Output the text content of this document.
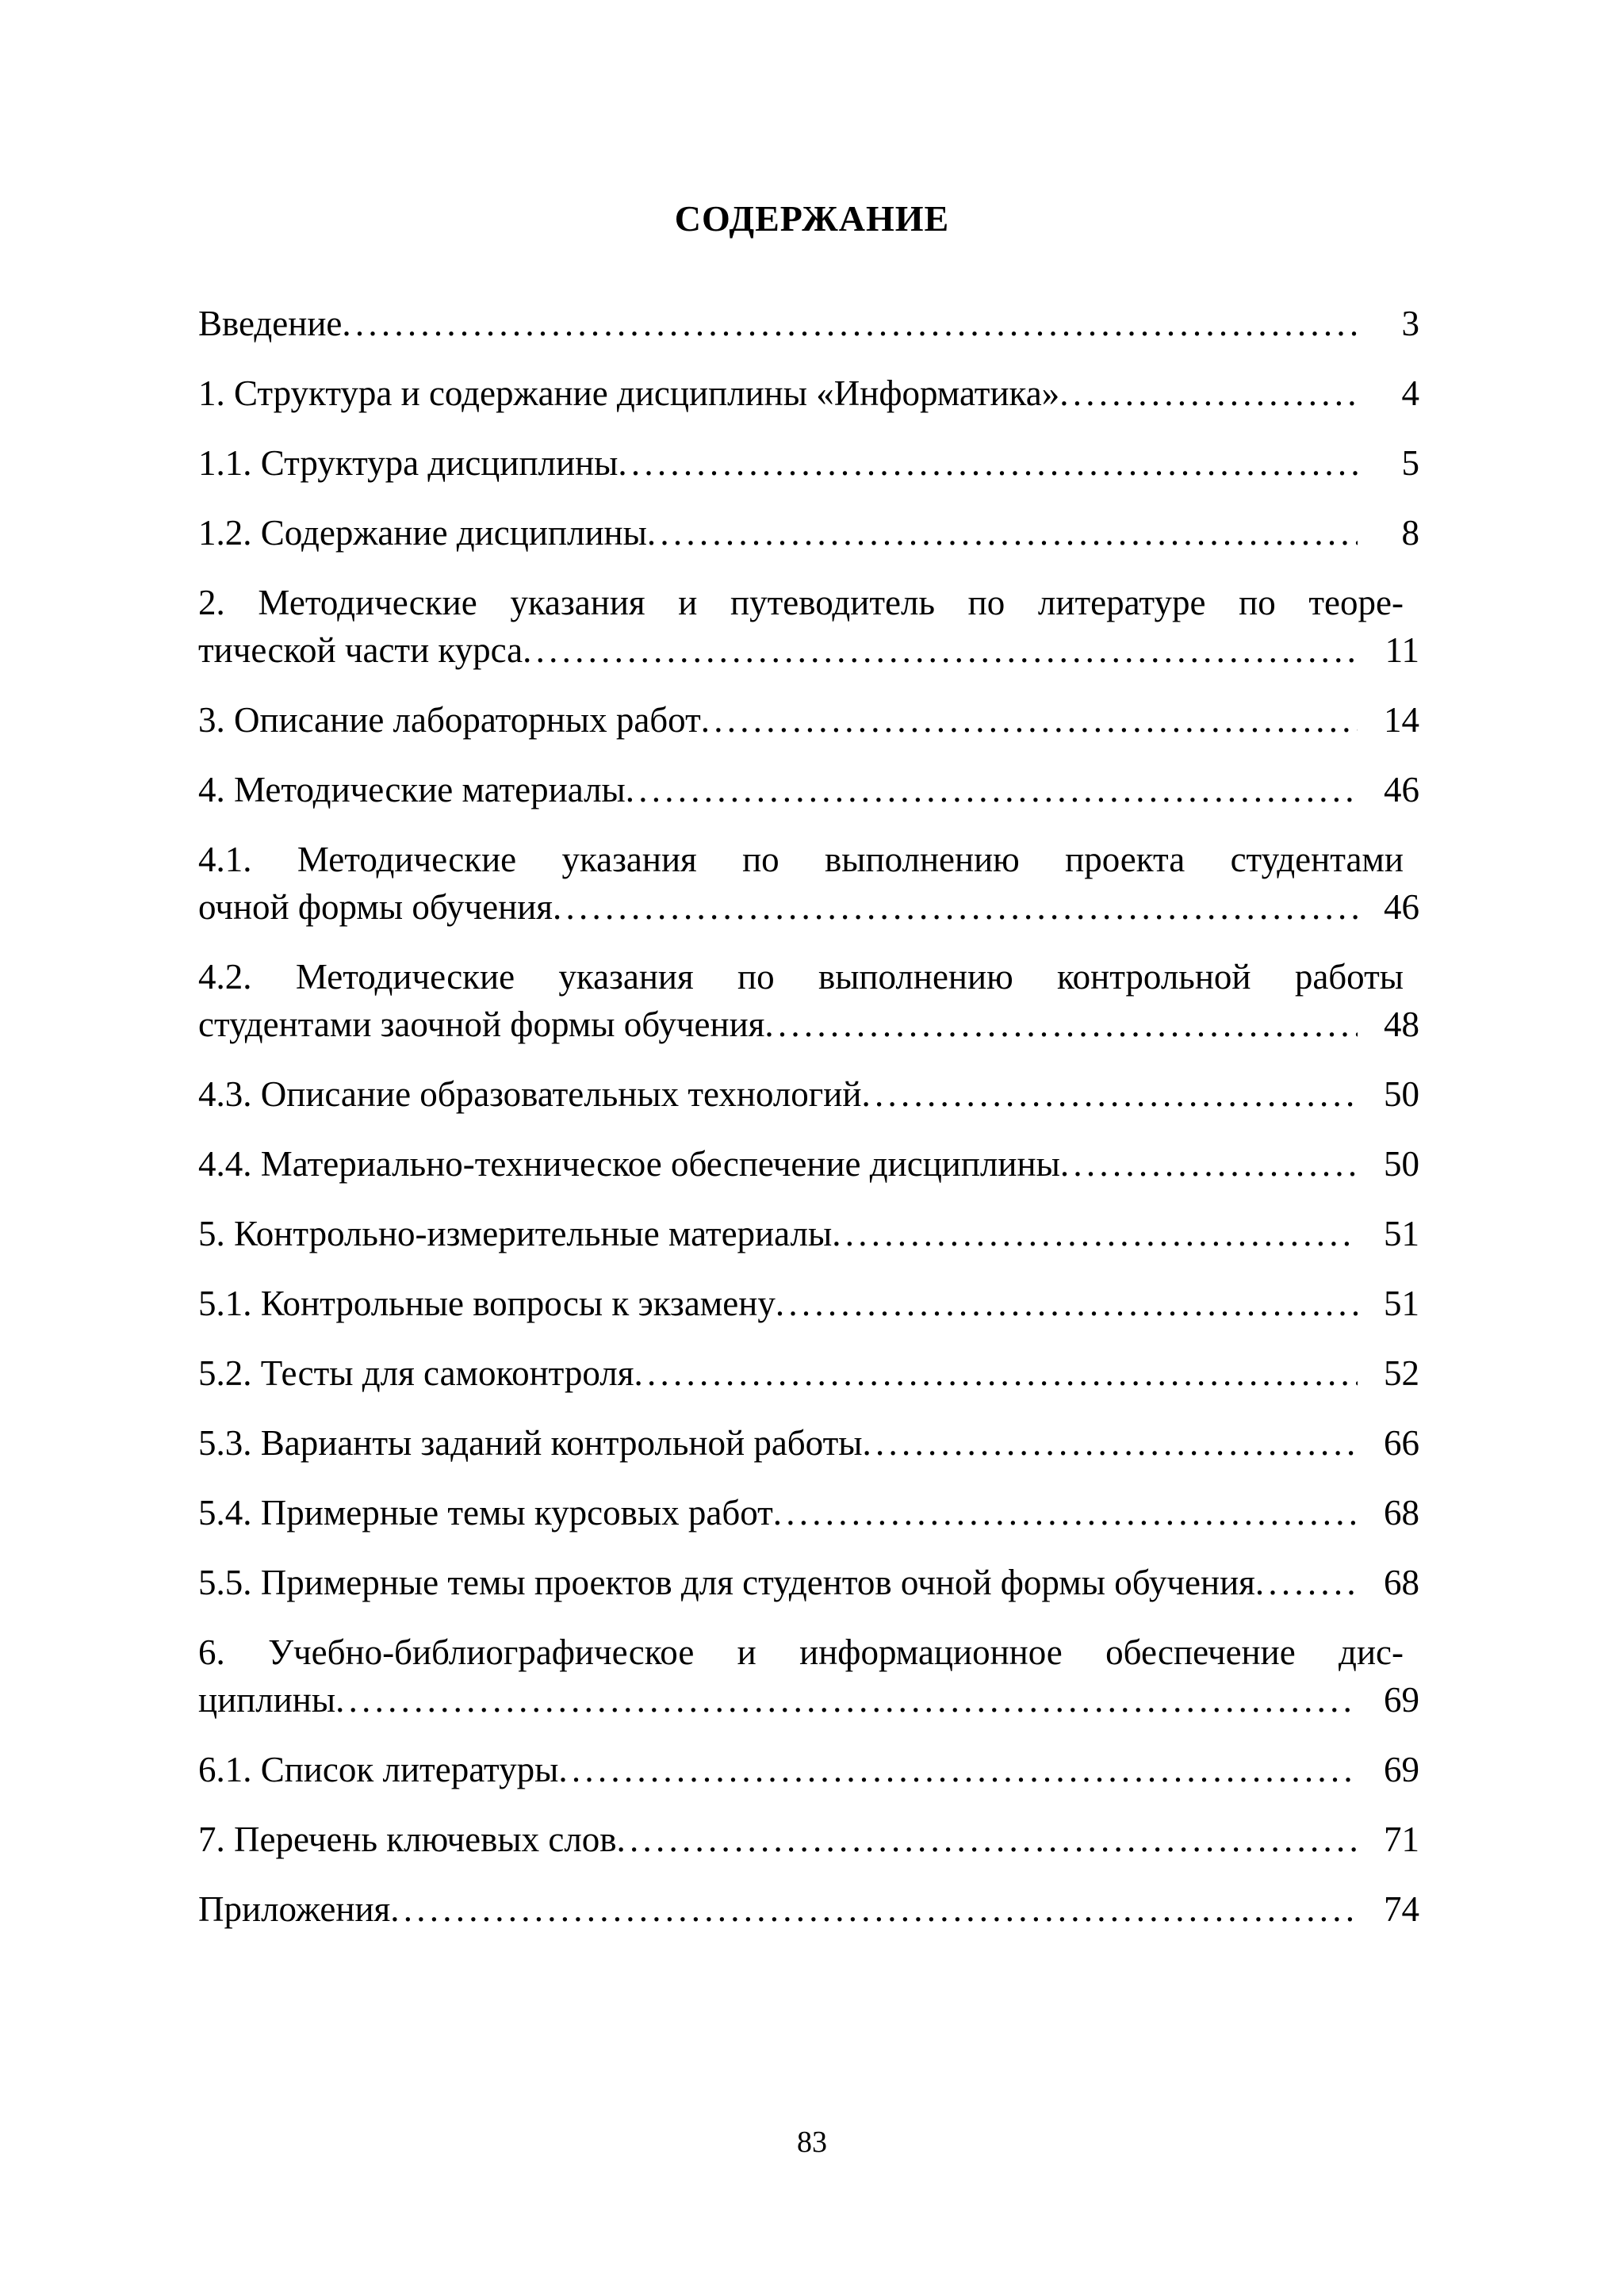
СОДЕРЖАНИЕ
Введение . . .	3
1. Структура и содержание дисциплины «Информатика» . . .	4
1.1. Структура дисциплины . . .	5
1.2. Содержание дисциплины . . .	8
2. Методические указания и путеводитель по литературе по теоре-
тической части курса . . .	11
3. Описание лабораторных работ . . .	14
4. Методические материалы . . .	46
4.1. Методические указания по выполнению проекта студентами
очной формы обучения . . .	46
4.2. Методические указания по выполнению контрольной работы
студентами заочной формы обучения . . .	48
4.3. Описание образовательных технологий . . .	50
4.4. Материально-техническое обеспечение дисциплины . . .	50
5. Контрольно-измерительные материалы . . .	51
5.1. Контрольные вопросы к экзамену . . .	51
5.2. Тесты для самоконтроля . . .	52
5.3. Варианты заданий контрольной работы . . .	66
5.4. Примерные темы курсовых работ . . .	68
5.5. Примерные темы проектов для студентов очной формы обучения . . .	68
6. Учебно-библиографическое и информационное обеспечение дис-
циплины . . .	69
6.1. Список литературы . . .	69
7. Перечень ключевых слов . . .	71
Приложения . . .	74
83
